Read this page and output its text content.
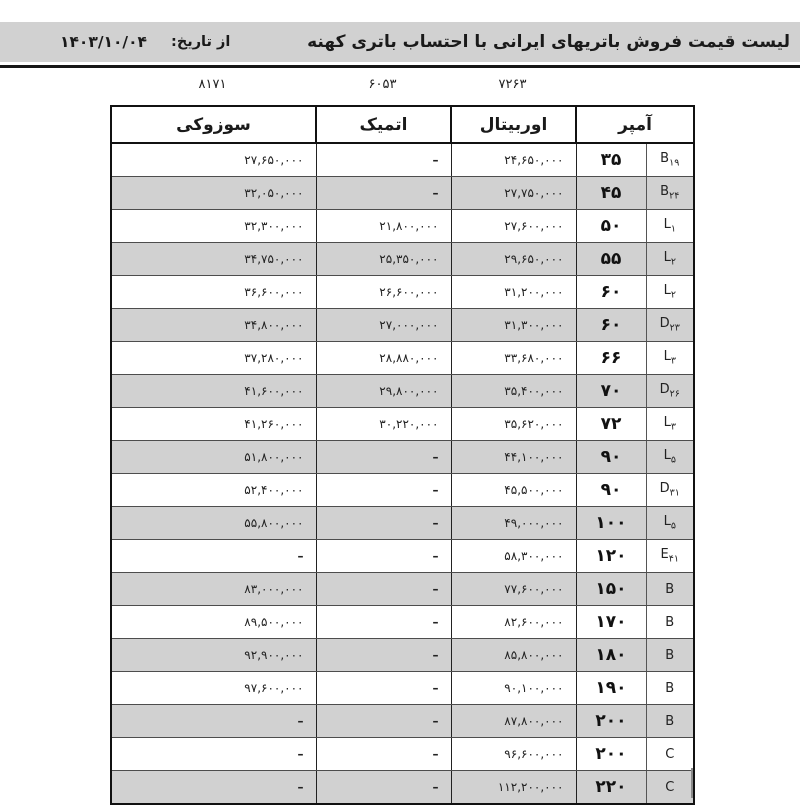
لیست قیمت فروش باتریهای ایرانی با احتساب باتری کهنه
از تاریخ:
۱۴۰۳/۱۰/۰۴
۸۱۷۱	۶۰۵۳	۷۲۶۳
آمپر		اوربیتال	اتمیک	سوزوکی
$B_{۱۹}$	۳۵	۲۴,۶۵۰,۰۰۰	–	۲۷,۶۵۰,۰۰۰
$B_{۲۴}$	۴۵	۲۷,۷۵۰,۰۰۰	–	۳۲,۰۵۰,۰۰۰
$L_۱$	۵۰	۲۷,۶۰۰,۰۰۰	۲۱,۸۰۰,۰۰۰	۳۲,۳۰۰,۰۰۰
$L_۲$	۵۵	۲۹,۶۵۰,۰۰۰	۲۵,۳۵۰,۰۰۰	۳۴,۷۵۰,۰۰۰
$L_۲$	۶۰	۳۱,۲۰۰,۰۰۰	۲۶,۶۰۰,۰۰۰	۳۶,۶۰۰,۰۰۰
$D_{۲۳}$	۶۰	۳۱,۳۰۰,۰۰۰	۲۷,۰۰۰,۰۰۰	۳۴,۸۰۰,۰۰۰
$L_۳$	۶۶	۳۳,۶۸۰,۰۰۰	۲۸,۸۸۰,۰۰۰	۳۷,۲۸۰,۰۰۰
$D_{۲۶}$	۷۰	۳۵,۴۰۰,۰۰۰	۲۹,۸۰۰,۰۰۰	۴۱,۶۰۰,۰۰۰
$L_۳$	۷۲	۳۵,۶۲۰,۰۰۰	۳۰,۲۲۰,۰۰۰	۴۱,۲۶۰,۰۰۰
$L_۵$	۹۰	۴۴,۱۰۰,۰۰۰	–	۵۱,۸۰۰,۰۰۰
$D_{۳۱}$	۹۰	۴۵,۵۰۰,۰۰۰	–	۵۲,۴۰۰,۰۰۰
$L_۵$	۱۰۰	۴۹,۰۰۰,۰۰۰	–	۵۵,۸۰۰,۰۰۰
$E_{۴۱}$	۱۲۰	۵۸,۳۰۰,۰۰۰	–	–
B	۱۵۰	۷۷,۶۰۰,۰۰۰	–	۸۳,۰۰۰,۰۰۰
B	۱۷۰	۸۲,۶۰۰,۰۰۰	–	۸۹,۵۰۰,۰۰۰
B	۱۸۰	۸۵,۸۰۰,۰۰۰	–	۹۲,۹۰۰,۰۰۰
B	۱۹۰	۹۰,۱۰۰,۰۰۰	–	۹۷,۶۰۰,۰۰۰
B	۲۰۰	۸۷,۸۰۰,۰۰۰	–	–
C	۲۰۰	۹۶,۶۰۰,۰۰۰	–	–
C	۲۲۰	۱۱۲,۲۰۰,۰۰۰	–	–
